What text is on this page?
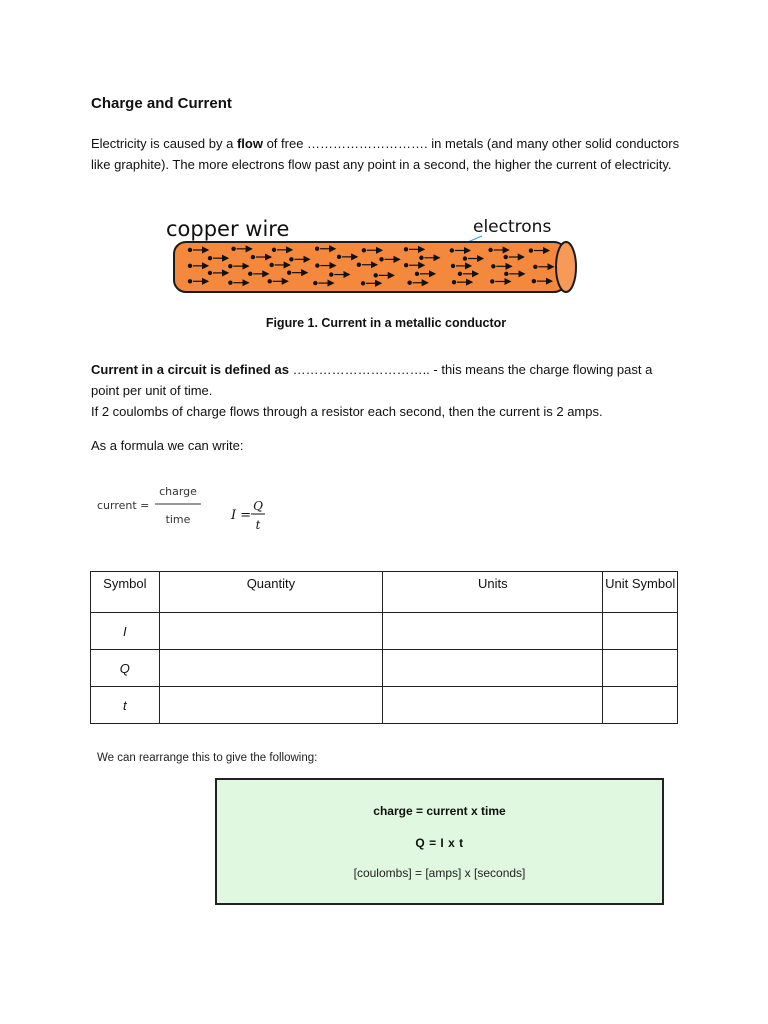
Charge and Current
Electricity is caused by a flow of free ………………………. in metals (and many other solid conductors like graphite). The more electrons flow past any point in a second, the higher the current of electricity.
copper wire	electrons
Figure 1. Current in a metallic conductor
Current in a circuit is defined as ………………………….. - this means the charge flowing past a point per unit of time.
If 2 coulombs of charge flows through a resistor each second, then the current is 2 amps.
As a formula we can write:
current =
charge
time	I =
Q
t
Symbol	Quantity	Units	Unit Symbol
I			
Q			
t			
We can rearrange this to give the following:
charge = current x time
Q = I x t
[coulombs] = [amps] x [seconds]
